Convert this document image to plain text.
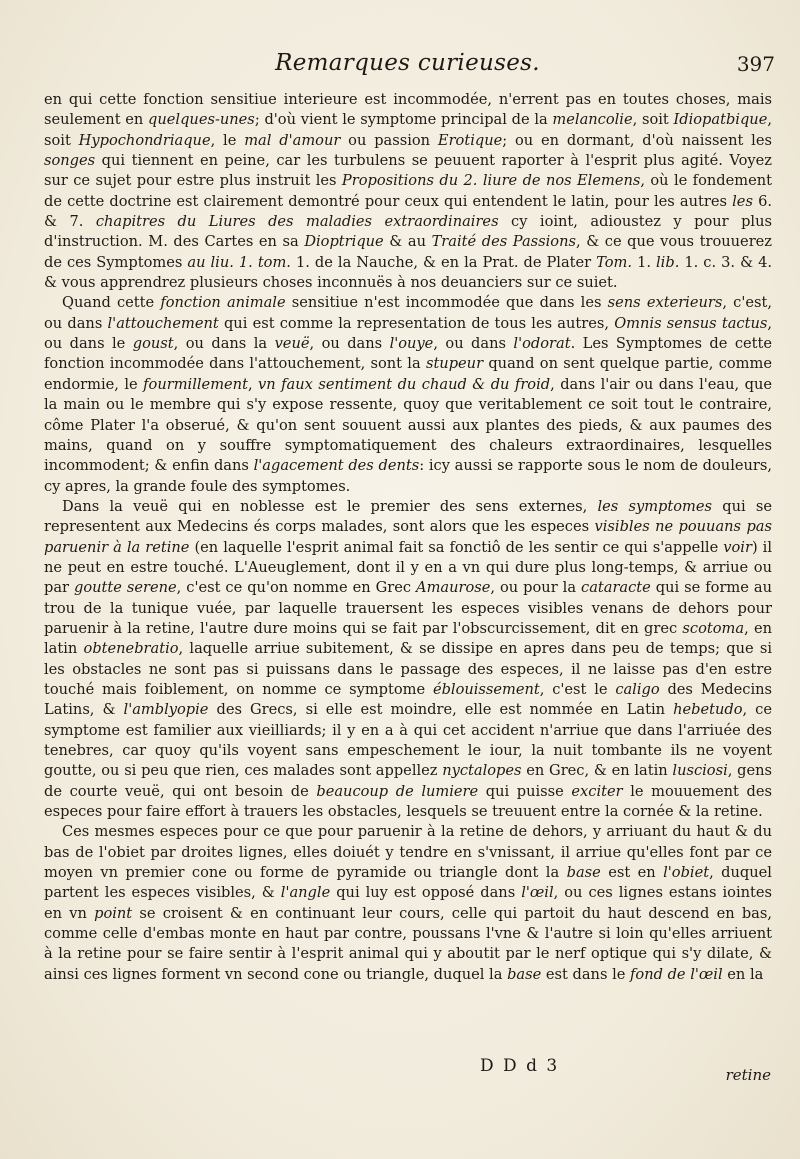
Remarques curieuses.	397

en qui cette fonction sensitiue interieure est incommodée, n'errent pas en toutes choses, mais seulement en quelques-unes; d'où vient le symptome principal de la melancolie, soit Idiopatbique, soit Hypochondriaque, le mal d'amour ou passion Erotique; ou en dormant, d'où naissent les songes qui tiennent en peine, car les turbulens se peuuent raporter à l'esprit plus agité. Voyez sur ce sujet pour estre plus instruit les Propositions du 2. liure de nos Elemens, où le fondement de cette doctrine est clairement demontré pour ceux qui entendent le latin, pour les autres les 6. & 7. chapitres du Liures des maladies extraordinaires cy ioint, adioustez y pour plus d'instruction. M. des Cartes en sa Dioptrique & au Traité des Passions, & ce que vous trouuerez de ces Symptomes au liu. 1. tom. 1. de la Nauche, & en la Prat. de Plater Tom. 1. lib. 1. c. 3. & 4. & vous apprendrez plusieurs choses inconnuës à nos deuanciers sur ce suiet.

Quand cette fonction animale sensitiue n'est incommodée que dans les sens exterieurs, c'est, ou dans l'attouchement qui est comme la representation de tous les autres, Omnis sensus tactus, ou dans le goust, ou dans la veuë, ou dans l'ouye, ou dans l'odorat. Les Symptomes de cette fonction incommodée dans l'attouchement, sont la stupeur quand on sent quelque partie, comme endormie, le fourmillement, vn faux sentiment du chaud & du froid, dans l'air ou dans l'eau, que la main ou le membre qui s'y expose ressente, quoy que veritablement ce soit tout le contraire, côme Plater l'a obserué, & qu'on sent souuent aussi aux plantes des pieds, & aux paumes des mains, quand on y souffre symptomatiquement des chaleurs extraordinaires, lesquelles incommodent; & enfin dans l'agacement des dents: icy aussi se rapporte sous le nom de douleurs, cy apres, la grande foule des symptomes.

Dans la veuë qui en noblesse est le premier des sens externes, les symptomes qui se representent aux Medecins és corps malades, sont alors que les especes visibles ne pouuans pas paruenir à la retine (en laquelle l'esprit animal fait sa fonctiô de les sentir ce qui s'appelle voir) il ne peut en estre touché. L'Aueuglement, dont il y en a vn qui dure plus long-temps, & arriue ou par goutte serene, c'est ce qu'on nomme en Grec Amaurose, ou pour la cataracte qui se forme au trou de la tunique vuée, par laquelle trauersent les especes visibles venans de dehors pour paruenir à la retine, l'autre dure moins qui se fait par l'obscurcissement, dit en grec scotoma, en latin obtenebratio, laquelle arriue subitement, & se dissipe en apres dans peu de temps; que si les obstacles ne sont pas si puissans dans le passage des especes, il ne laisse pas d'en estre touché mais foiblement, on nomme ce symptome éblouissement, c'est le caligo des Medecins Latins, & l'amblyopie des Grecs, si elle est moindre, elle est nommée en Latin hebetudo, ce symptome est familier aux vieilliards; il y en a à qui cet accident n'arriue que dans l'arriuée des tenebres, car quoy qu'ils voyent sans empeschement le iour, la nuit tombante ils ne voyent goutte, ou si peu que rien, ces malades sont appellez nyctalopes en Grec, & en latin lusciosi, gens de courte veuë, qui ont besoin de beaucoup de lumiere qui puisse exciter le mouuement des especes pour faire effort à trauers les obstacles, lesquels se treuuent entre la cornée & la retine.

Ces mesmes especes pour ce que pour paruenir à la retine de dehors, y arriuant du haut & du bas de l'obiet par droites lignes, elles doiuét y tendre en s'vnissant, il arriue qu'elles font par ce moyen vn premier cone ou forme de pyramide ou triangle dont la base est en l'obiet, duquel partent les especes visibles, & l'angle qui luy est opposé dans l'œil, ou ces lignes estans iointes en vn point se croisent & en continuant leur cours, celle qui partoit du haut descend en bas, comme celle d'embas monte en haut par contre, poussans l'vne & l'autre si loin qu'elles arriuent à la retine pour se faire sentir à l'esprit animal qui y aboutit par le nerf optique qui s'y dilate, & ainsi ces lignes forment vn second cone ou triangle, duquel la base est dans le fond de l'œil en la

D D d 3	retine
